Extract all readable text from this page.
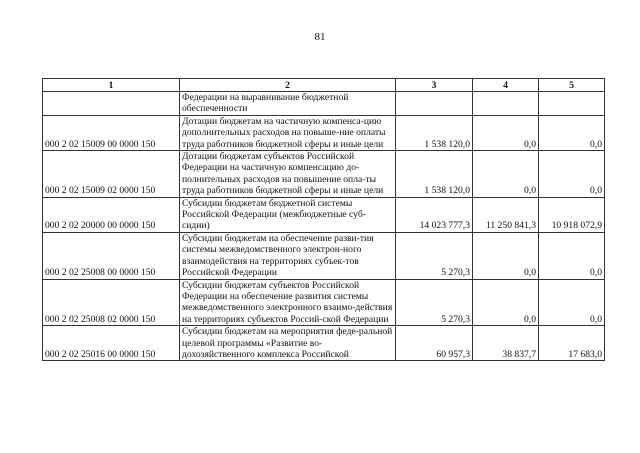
81
1	2	3	4	5
	Федерации на выравнивание бюджетной обеспеченности			
000 2 02 15009 00 0000 150	Дотации бюджетам на частичную компенса-цию дополнительных расходов на повыше-ние оплаты труда работников бюджетной сферы и иные цели	1 538 120,0	0,0	0,0
000 2 02 15009 02 0000 150	Дотации бюджетам субъектов Российской Федерации на частичную компенсацию до-полнительных расходов на повышение опла-ты труда работников бюджетной сферы и иные цели	1 538 120,0	0,0	0,0
000 2 02 20000 00 0000 150	Субсидии бюджетам бюджетной системы Российской Федерации (межбюджетные суб-сидии)	14 023 777,3	11 250 841,3	10 918 072,9
000 2 02 25008 00 0000 150	Субсидии бюджетам на обеспечение разви-тия системы межведомственного электрон-ного взаимодействия на территориях субъек-тов Российской Федерации	5 270,3	0,0	0,0
000 2 02 25008 02 0000 150	Субсидии бюджетам субъектов Российской Федерации на обеспечение развития системы межведомственного электронного взаимо-действия на территориях субъектов Россий-ской Федерации	5 270,3	0,0	0,0
000 2 02 25016 00 0000 150	Субсидии бюджетам на мероприятия феде-ральной целевой программы «Развитие во-дохозяйственного комплекса Российской	60 957,3	38 837,7	17 683,0
